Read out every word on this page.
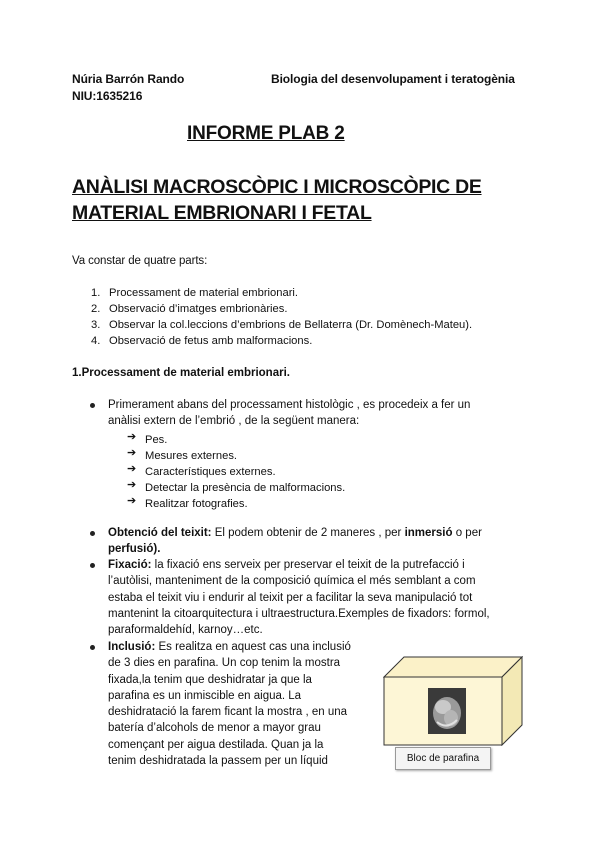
Núria Barrón Rando
NIU:1635216
Biologia del desenvolupament i teratogènia
INFORME PLAB 2
ANÀLISI MACROSCÒPIC I MICROSCÒPIC DE
MATERIAL EMBRIONARI I FETAL
Va constar de quatre parts:
1. Processament de material embrionari.
2. Observació d’imatges embrionàries.
3. Observar la col.leccions d’embrions de Bellaterra (Dr. Domènech-Mateu).
4. Observació de fetus amb malformacions.
1.Processament de material embrionari.
Primerament abans del processament histològic , es procedeix a fer un
anàlisi extern de l’embrió , de la següent manera:
➔ Pes.
➔ Mesures externes.
➔ Característiques externes.
➔ Detectar la presència de malformacions.
➔ Realitzar fotografies.
Obtenció del teixit: El podem obtenir de 2 maneres , per inmersió o per
perfusió).
Fixació: la fixació ens serveix per preservar el teixit de la putrefacció i
l’autòlisi, manteniment de la composició química el més semblant a com
estaba el teixit viu i endurir al teixit per a facilitar la seva manipulació tot
mantenint la citoarquitectura i ultraestructura.Exemples de fixadors: formol,
paraformaldehíd, karnoy…etc.
Inclusió: Es realitza en aquest cas una inclusió
de 3 dies en parafina. Un cop tenim la mostra
fixada,la tenim que deshidratar ja que la
parafina es un inmiscible en aigua. La
deshidratació la farem ficant la mostra , en una
batería d’alcohols de menor a mayor grau
començant per aigua destilada. Quan ja la
tenim deshidratada la passem per un líquid	Bloc de parafina
